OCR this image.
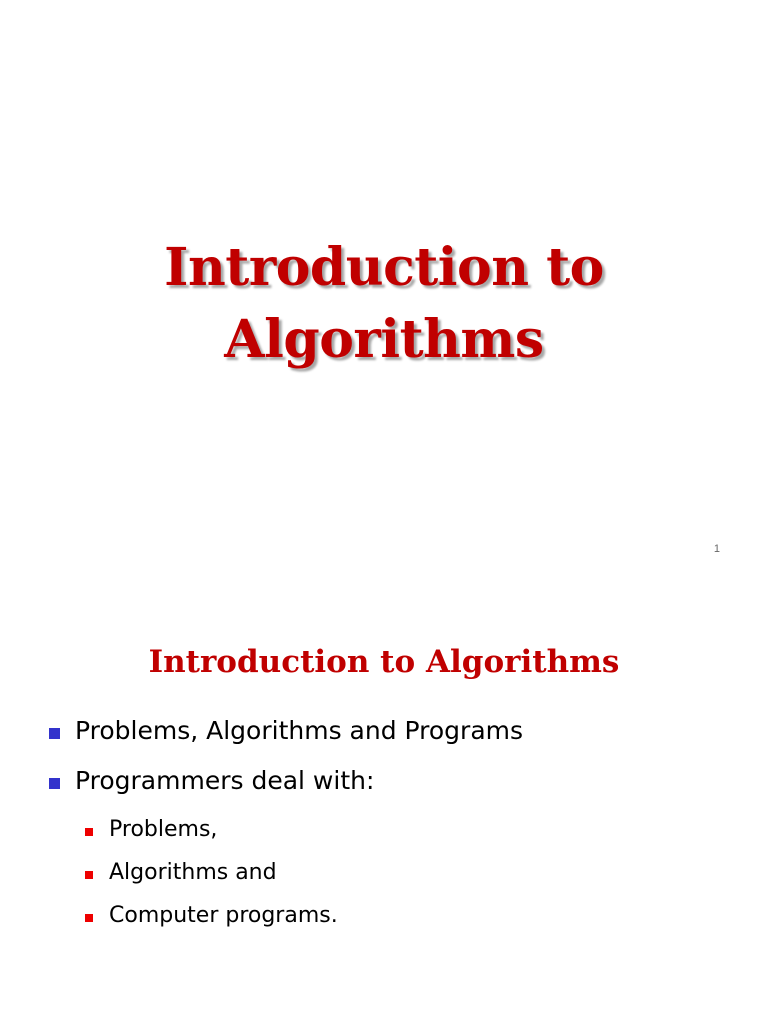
Introduction to
Algorithms
1
Introduction to Algorithms
Problems, Algorithms and Programs
Programmers deal with:
Problems,
Algorithms and
Computer programs.
